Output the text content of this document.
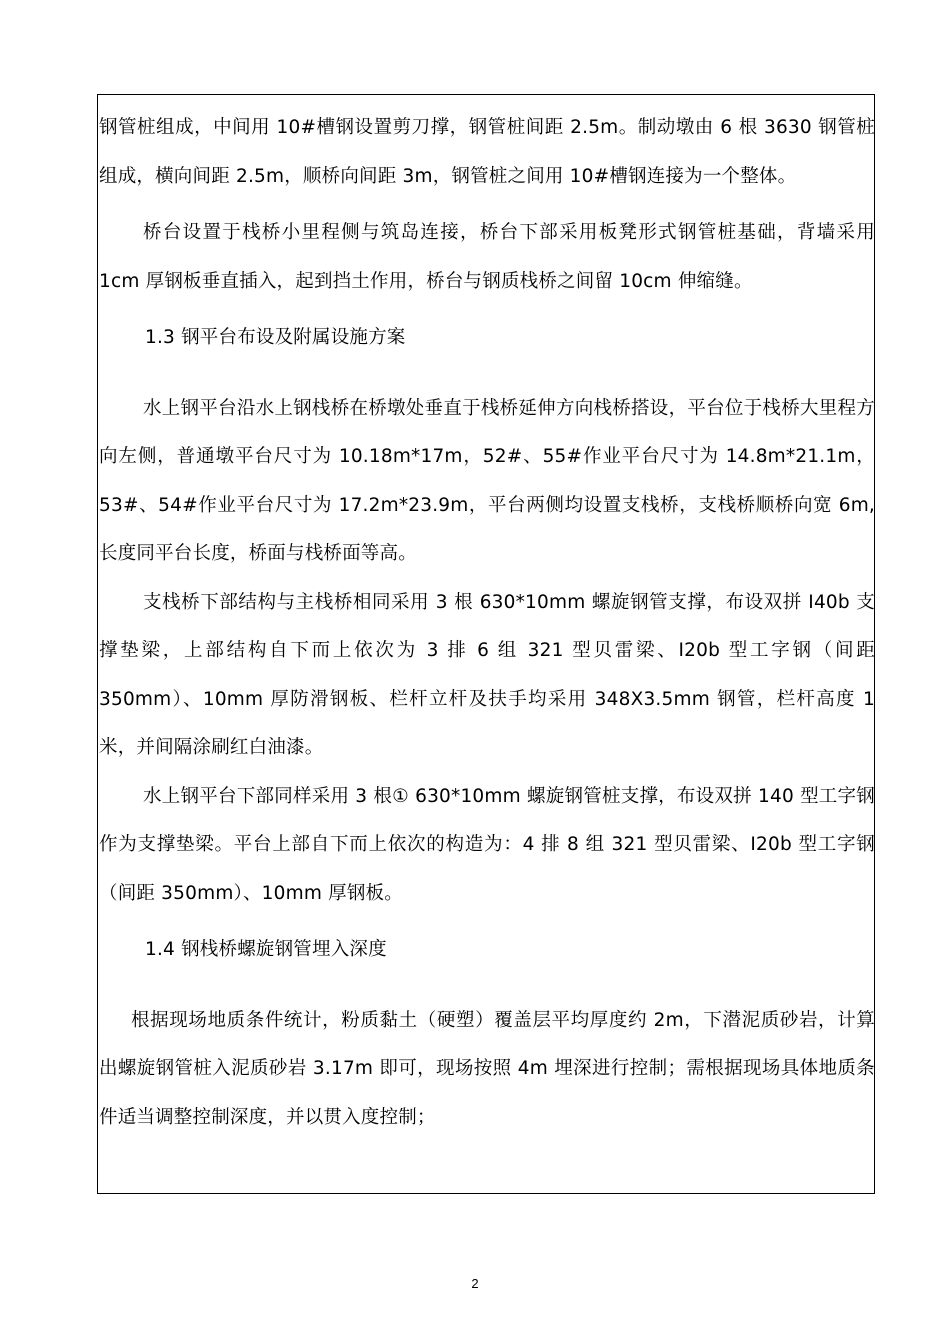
钢管桩组成，中间用 10#槽钢设置剪刀撑，钢管桩间距 2.5m。制动墩由 6 根 3630 钢管桩组成，横向间距 2.5m，顺桥向间距 3m，钢管桩之间用 10#槽钢连接为一个整体。

桥台设置于栈桥小里程侧与筑岛连接，桥台下部采用板凳形式钢管桩基础，背墙采用 1cm 厚钢板垂直插入，起到挡土作用，桥台与钢质栈桥之间留 10cm 伸缩缝。

1.3 钢平台布设及附属设施方案

水上钢平台沿水上钢栈桥在桥墩处垂直于栈桥延伸方向栈桥搭设，平台位于栈桥大里程方向左侧，普通墩平台尺寸为 10.18m*17m，52#、55#作业平台尺寸为 14.8m*21.1m，53#、54#作业平台尺寸为 17.2m*23.9m，平台两侧均设置支栈桥，支栈桥顺桥向宽 6m,长度同平台长度，桥面与栈桥面等高。

支栈桥下部结构与主栈桥相同采用 3 根 630*10mm 螺旋钢管支撑，布设双拼 I40b 支撑垫梁，上部结构自下而上依次为 3 排 6 组 321 型贝雷梁、I20b 型工字钢（间距 350mm）、10mm 厚防滑钢板、栏杆立杆及扶手均采用 348X3.5mm 钢管，栏杆高度 1 米，并间隔涂刷红白油漆。

水上钢平台下部同样采用 3 根① 630*10mm 螺旋钢管桩支撑，布设双拼 140 型工字钢作为支撑垫梁。平台上部自下而上依次的构造为：4 排 8 组 321 型贝雷梁、I20b 型工字钢（间距 350mm）、10mm 厚钢板。

1.4 钢栈桥螺旋钢管埋入深度

根据现场地质条件统计，粉质黏土（硬塑）覆盖层平均厚度约 2m，下潜泥质砂岩，计算出螺旋钢管桩入泥质砂岩 3.17m 即可，现场按照 4m 埋深进行控制；需根据现场具体地质条件适当调整控制深度，并以贯入度控制；

2
